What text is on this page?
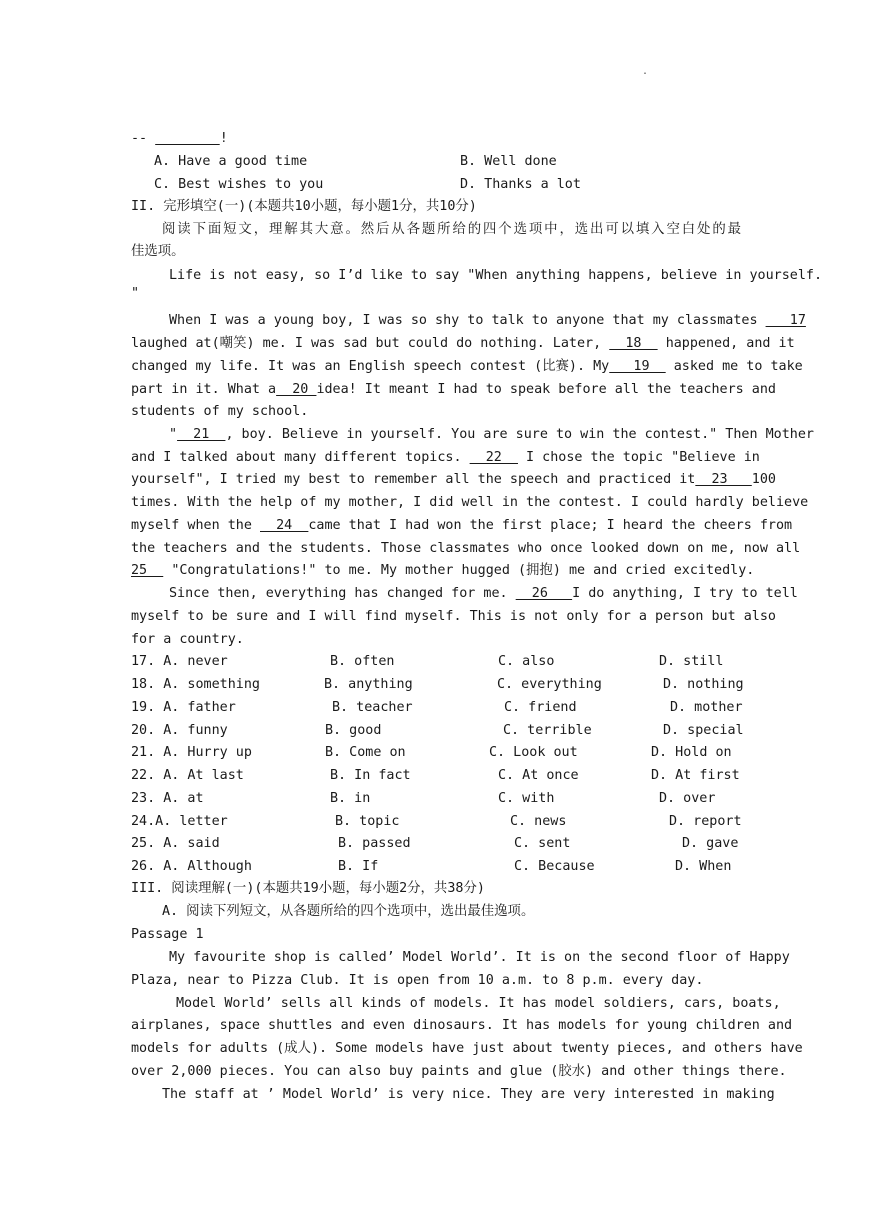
.
--	!
A. Have a good time	B. Well done
C. Best wishes to you	D. Thanks a lot
II. 完形填空(一)(本题共10小题，每小题1分，共10分)
阅读下面短文，理解其大意。然后从各题所给的四个选项中，选出可以填入空白处的最
佳选项。
Life is not easy, so I’d like to say "When anything happens, believe in yourself.
"
When I was a young boy, I was so shy to talk to anyone that my classmates    17
laughed at(嘲笑) me. I was sad but could do nothing. Later,   18   happened, and it
changed my life. It was an English speech contest (比赛). My   19   asked me to take
part in it. What a  20 idea! It meant I had to speak before all the teachers and
students of my school.
"  21  , boy. Believe in yourself. You are sure to win the contest." Then Mother
and I talked about many different topics.   22   I chose the topic "Believe in
yourself", I tried my best to remember all the speech and practiced it  23   100
times. With the help of my mother, I did well in the contest. I could hardly believe
myself when the   24  came that I had won the first place; I heard the cheers from
the teachers and the students. Those classmates who once looked down on me, now all
25   "Congratulations!" to me. My mother hugged (拥抱) me and cried excitedly.
Since then, everything has changed for me.   26   I do anything, I try to tell
myself to be sure and I will find myself. This is not only for a person but also
for a country.
17. A. never	B. often	C. also	D. still
18. A. something	B. anything	C. everything	D. nothing
19. A. father	B. teacher	C. friend	D. mother
20. A. funny	B. good	C. terrible	D. special
21. A. Hurry up	B. Come on	C. Look out	D. Hold on
22. A. At last	B. In fact	C. At once	D. At first
23. A. at	B. in	C. with	D. over
24.A. letter	B. topic	C. news	D. report
25. A. said	B. passed	C. sent	D. gave
26. A. Although	B. If	C. Because	D. When
III. 阅读理解(一)(本题共19小题，每小题2分，共38分)
A. 阅读下列短文，从各题所给的四个选项中，选出最佳逸项。
Passage 1
My favourite shop is called’ Model World’. It is on the second floor of Happy
Plaza, near to Pizza Club. It is open from 10 a.m. to 8 p.m. every day.
Model World’ sells all kinds of models. It has model soldiers, cars, boats,
airplanes, space shuttles and even dinosaurs. It has models for young children and
models for adults (成人). Some models have just about twenty pieces, and others have
over 2,000 pieces. You can also buy paints and glue (胶水) and other things there.
The staff at ’ Model World’ is very nice. They are very interested in making
